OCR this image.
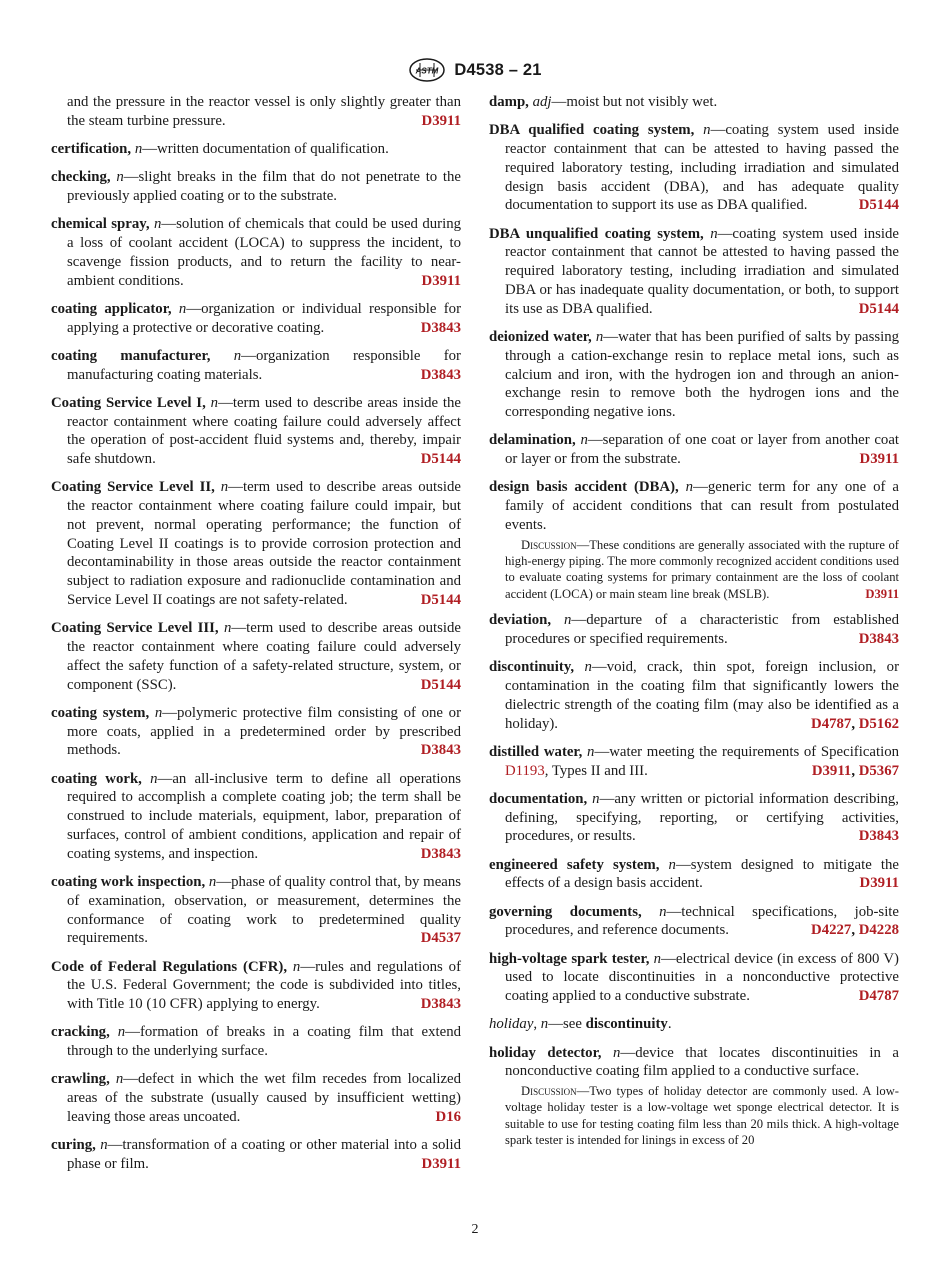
ASTM D4538 – 21

and the pressure in the reactor vessel is only slightly greater than the steam turbine pressure.	D3911

certification, n—written documentation of qualification.

checking, n—slight breaks in the film that do not penetrate to the previously applied coating or to the substrate.

chemical spray, n—solution of chemicals that could be used during a loss of coolant accident (LOCA) to suppress the incident, to scavenge fission products, and to return the facility to near-ambient conditions.	D3911

coating applicator, n—organization or individual responsible for applying a protective or decorative coating.	D3843

coating manufacturer, n—organization responsible for manufacturing coating materials.	D3843

Coating Service Level I, n—term used to describe areas inside the reactor containment where coating failure could adversely affect the operation of post-accident fluid systems and, thereby, impair safe shutdown.	D5144

Coating Service Level II, n—term used to describe areas outside the reactor containment where coating failure could impair, but not prevent, normal operating performance; the function of Coating Level II coatings is to provide corrosion protection and decontaminability in those areas outside the reactor containment subject to radiation exposure and radionuclide contamination and Service Level II coatings are not safety-related.	D5144

Coating Service Level III, n—term used to describe areas outside the reactor containment where coating failure could adversely affect the safety function of a safety-related structure, system, or component (SSC).	D5144

coating system, n—polymeric protective film consisting of one or more coats, applied in a predetermined order by prescribed methods.	D3843

coating work, n—an all-inclusive term to define all operations required to accomplish a complete coating job; the term shall be construed to include materials, equipment, labor, preparation of surfaces, control of ambient conditions, application and repair of coating systems, and inspection.	D3843

coating work inspection, n—phase of quality control that, by means of examination, observation, or measurement, determines the conformance of coating work to predetermined quality requirements.	D4537

Code of Federal Regulations (CFR), n—rules and regulations of the U.S. Federal Government; the code is subdivided into titles, with Title 10 (10 CFR) applying to energy.	D3843

cracking, n—formation of breaks in a coating film that extend through to the underlying surface.

crawling, n—defect in which the wet film recedes from localized areas of the substrate (usually caused by insufficient wetting) leaving those areas uncoated.	D16

curing, n—transformation of a coating or other material into a solid phase or film.	D3911

damp, adj—moist but not visibly wet.

DBA qualified coating system, n—coating system used inside reactor containment that can be attested to having passed the required laboratory testing, including irradiation and simulated design basis accident (DBA), and has adequate quality documentation to support its use as DBA qualified.	D5144

DBA unqualified coating system, n—coating system used inside reactor containment that cannot be attested to having passed the required laboratory testing, including irradiation and simulated DBA or has inadequate quality documentation, or both, to support its use as DBA qualified.	D5144

deionized water, n—water that has been purified of salts by passing through a cation-exchange resin to replace metal ions, such as calcium and iron, with the hydrogen ion and through an anion-exchange resin to remove both the hydrogen ions and the corresponding negative ions.

delamination, n—separation of one coat or layer from another coat or layer or from the substrate.	D3911

design basis accident (DBA), n—generic term for any one of a family of accident conditions that can result from postulated events.

Discussion—These conditions are generally associated with the rupture of high-energy piping. The more commonly recognized accident conditions used to evaluate coating systems for primary containment are the loss of coolant accident (LOCA) or main steam line break (MSLB).	D3911

deviation, n—departure of a characteristic from established procedures or specified requirements.	D3843

discontinuity, n—void, crack, thin spot, foreign inclusion, or contamination in the coating film that significantly lowers the dielectric strength of the coating film (may also be identified as a holiday).	D4787, D5162

distilled water, n—water meeting the requirements of Specification D1193, Types II and III.	D3911, D5367

documentation, n—any written or pictorial information describing, defining, specifying, reporting, or certifying activities, procedures, or results.	D3843

engineered safety system, n—system designed to mitigate the effects of a design basis accident.	D3911

governing documents, n—technical specifications, job-site procedures, and reference documents.	D4227, D4228

high-voltage spark tester, n—electrical device (in excess of 800 V) used to locate discontinuities in a nonconductive protective coating applied to a conductive substrate.	D4787

holiday, n—see discontinuity.

holiday detector, n—device that locates discontinuities in a nonconductive coating film applied to a conductive surface.

Discussion—Two types of holiday detector are commonly used. A low-voltage holiday tester is a low-voltage wet sponge electrical detector. It is suitable to use for testing coating film less than 20 mils thick. A high-voltage spark tester is intended for linings in excess of 20

2
